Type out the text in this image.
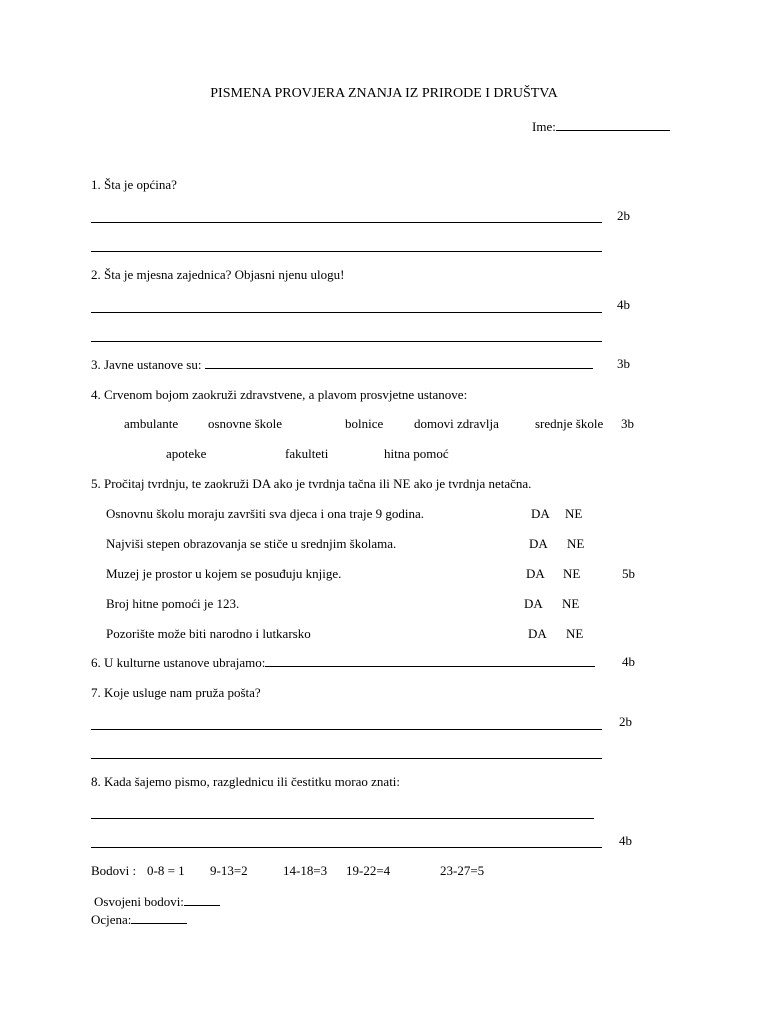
PISMENA PROVJERA ZNANJA IZ PRIRODE I DRUŠTVA
Ime:
1. Šta je općina?
2b
2. Šta je mjesna zajednica? Objasni njenu ulogu!
4b
3. Javne ustanove su:	3b
4. Crvenom bojom zaokruži zdravstvene, a plavom prosvjetne ustanove:
ambulante osnovne škole	bolnice domovi zdravlja	srednje škole 3b
apoteke	fakulteti	hitna pomoć
5. Pročitaj tvrdnju, te zaokruži DA ako je tvrdnja tačna ili NE ako je tvrdnja netačna.
Osnovnu školu moraju završiti sva djeca i ona traje 9 godina.	DA NE
Najviši stepen obrazovanja se stiče u srednjim školama.	DA NE
Muzej je prostor u kojem se posuđuju knjige.	DA NE	5b
Broj hitne pomoći je 123.	DA NE
Pozorište može biti narodno i lutkarsko	DA NE
6. U kulturne ustanove ubrajamo:	4b
7. Koje usluge nam pruža pošta?
2b
8. Kada šajemo pismo, razglednicu ili čestitku morao znati:
4b
Bodovi : 0-8 = 1 9-13=2	14-18=3 19-22=4	23-27=5
Osvojeni bodovi:
Ocjena:
